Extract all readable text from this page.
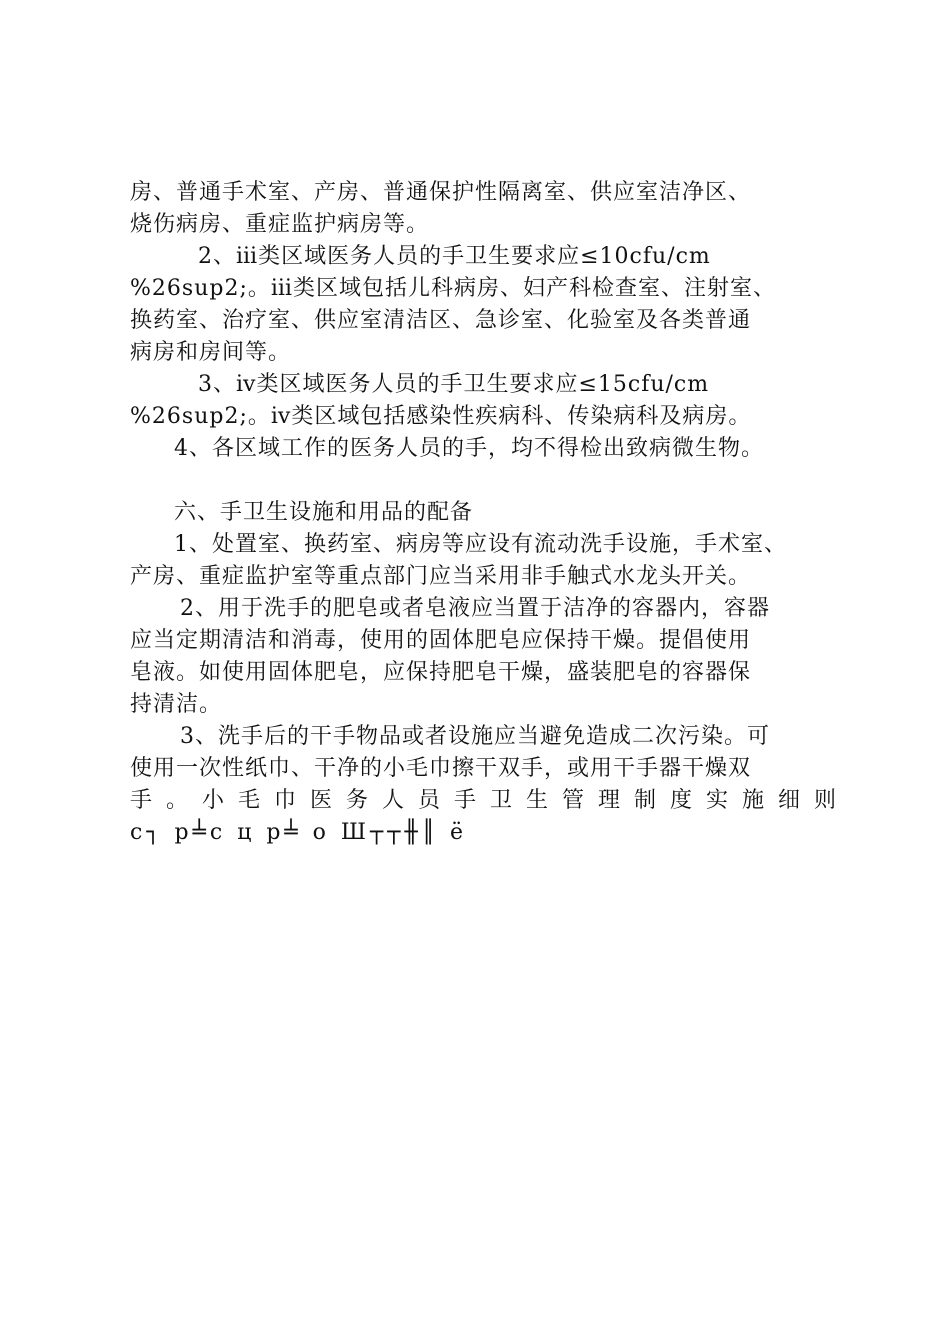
房、普通手术室、产房、普通保护性隔离室、供应室洁净区、
烧伤病房、重症监护病房等。
2、ⅲ类区域医务人员的手卫生要求应≤10cfu/cm
%26sup2;。ⅲ类区域包括儿科病房、妇产科检查室、注射室、
换药室、治疗室、供应室清洁区、急诊室、化验室及各类普通
病房和房间等。
3、ⅳ类区域医务人员的手卫生要求应≤15cfu/cm
%26sup2;。ⅳ类区域包括感染性疾病科、传染病科及病房。
4、各区域工作的医务人员的手，均不得检出致病微生物。
六、手卫生设施和用品的配备
1、处置室、换药室、病房等应设有流动洗手设施，手术室、
产房、重症监护室等重点部门应当采用非手触式水龙头开关。
2、用于洗手的肥皂或者皂液应当置于洁净的容器内，容器
应当定期清洁和消毒，使用的固体肥皂应保持干燥。提倡使用
皂液。如使用固体肥皂，应保持肥皂干燥，盛装肥皂的容器保
持清洁。
3、洗手后的干手物品或者设施应当避免造成二次污染。可
使用一次性纸巾、干净的小毛巾擦干双手，或用干手器干燥双
手。小毛巾医务人员手卫生管理制度实施细则
с┐ р╧с ц р╧ о Ш┬┬╫║ ё
